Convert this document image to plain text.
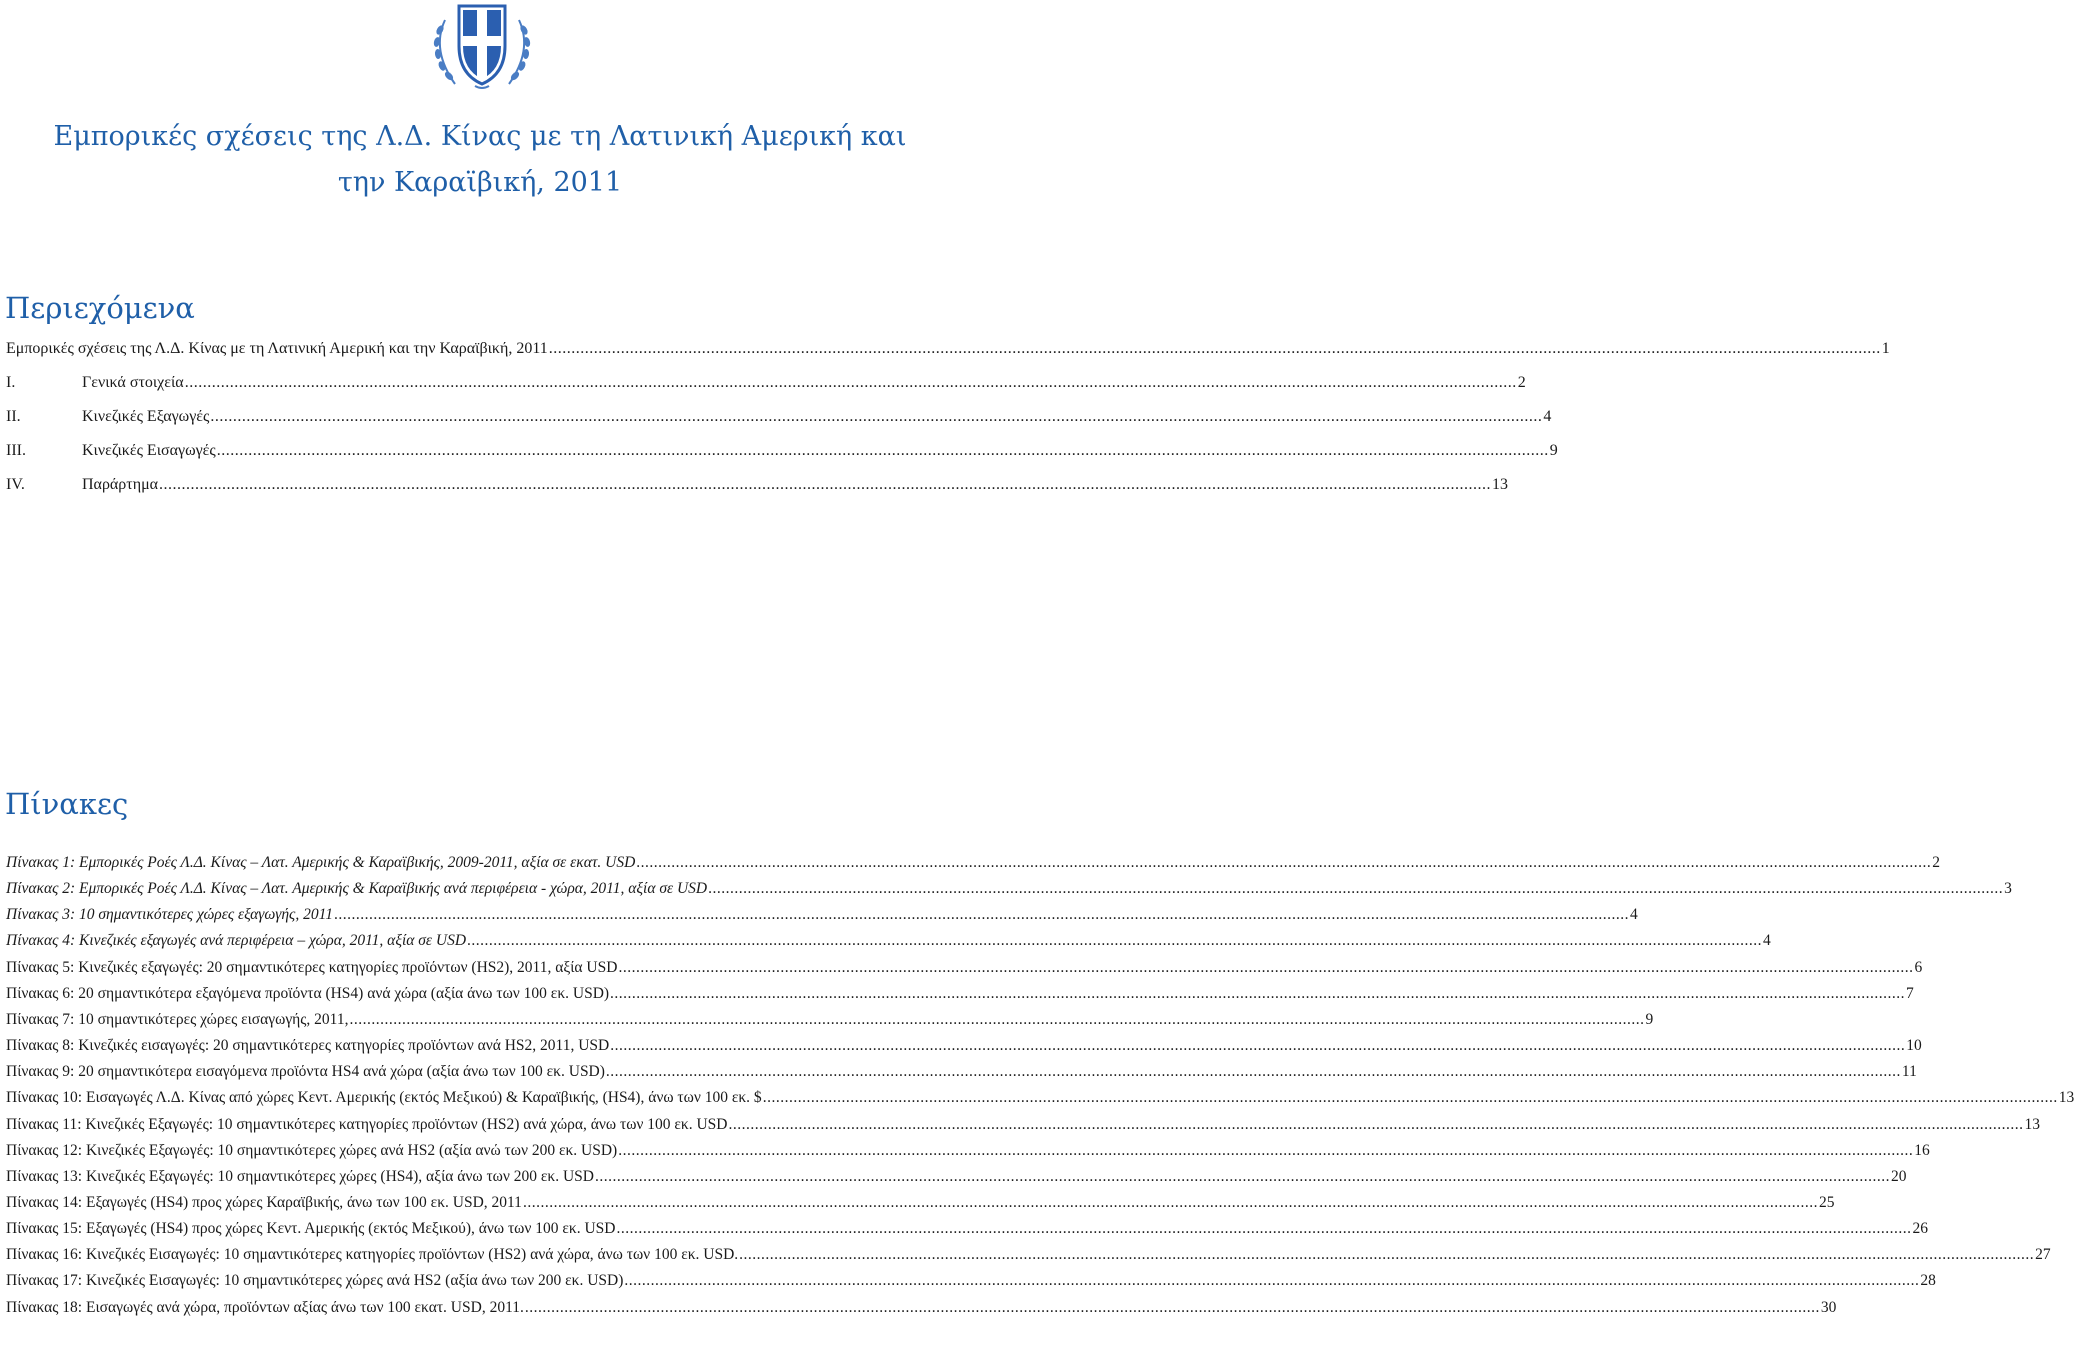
Εμπορικές σχέσεις της Λ.Δ. Κίνας με τη Λατινική Αμερική και
την Καραϊβική, 2011
Περιεχόμενα
Εμπορικές σχέσεις της Λ.Δ. Κίνας με τη Λατινική Αμερική και την Καραϊβική, 2011 .....	1
I.	Γενικά στοιχεία .....	2
II.	Κινεζικές Εξαγωγές .....	4
III.	Κινεζικές Εισαγωγές .....	9
IV.	Παράρτημα .....	13
Πίνακες
Πίνακας 1: Εμπορικές Ροές Λ.Δ. Κίνας – Λατ. Αμερικής & Καραϊβικής, 2009-2011, αξία σε εκατ. USD .....	2
Πίνακας 2: Εμπορικές Ροές Λ.Δ. Κίνας – Λατ. Αμερικής & Καραϊβικής ανά περιφέρεια - χώρα, 2011, αξία σε USD .....	3
Πίνακας 3: 10 σημαντικότερες χώρες εξαγωγής, 2011 .....	4
Πίνακας 4: Κινεζικές εξαγωγές ανά περιφέρεια – χώρα, 2011, αξία σε USD .....	4
Πίνακας 5: Κινεζικές εξαγωγές: 20 σημαντικότερες κατηγορίες προϊόντων (HS2), 2011, αξία USD .....	6
Πίνακας 6: 20 σημαντικότερα εξαγόμενα προϊόντα (HS4) ανά χώρα (αξία άνω των 100 εκ. USD) .....	7
Πίνακας 7: 10 σημαντικότερες χώρες εισαγωγής, 2011, .....	9
Πίνακας 8: Κινεζικές εισαγωγές: 20 σημαντικότερες κατηγορίες προϊόντων ανά HS2, 2011, USD .....	10
Πίνακας 9: 20 σημαντικότερα εισαγόμενα προϊόντα HS4 ανά χώρα (αξία άνω των 100 εκ. USD) .....	11
Πίνακας 10: Εισαγωγές Λ.Δ. Κίνας από χώρες Κεντ. Αμερικής (εκτός Μεξικού) & Καραϊβικής, (HS4), άνω των 100 εκ. $ .....	13
Πίνακας 11: Κινεζικές Εξαγωγές: 10 σημαντικότερες κατηγορίες προϊόντων (HS2) ανά χώρα, άνω των 100 εκ. USD .....	13
Πίνακας 12: Κινεζικές Εξαγωγές: 10 σημαντικότερες χώρες ανά HS2 (αξία ανώ των 200 εκ. USD) .....	16
Πίνακας 13: Κινεζικές Εξαγωγές: 10 σημαντικότερες χώρες (HS4), αξία άνω των 200 εκ. USD .....	20
Πίνακας 14: Εξαγωγές (HS4) προς χώρες Καραϊβικής, άνω των 100 εκ. USD, 2011 .....	25
Πίνακας 15: Εξαγωγές (HS4) προς χώρες Κεντ. Αμερικής (εκτός Μεξικού), άνω των 100 εκ. USD .....	26
Πίνακας 16: Κινεζικές Εισαγωγές: 10 σημαντικότερες κατηγορίες προϊόντων (HS2) ανά χώρα, άνω των 100 εκ. USD. .....	27
Πίνακας 17: Κινεζικές Εισαγωγές: 10 σημαντικότερες χώρες ανά HS2 (αξία άνω των 200 εκ. USD) .....	28
Πίνακας 18: Εισαγωγές ανά χώρα, προϊόντων αξίας άνω των 100 εκατ. USD, 2011. .....	30
